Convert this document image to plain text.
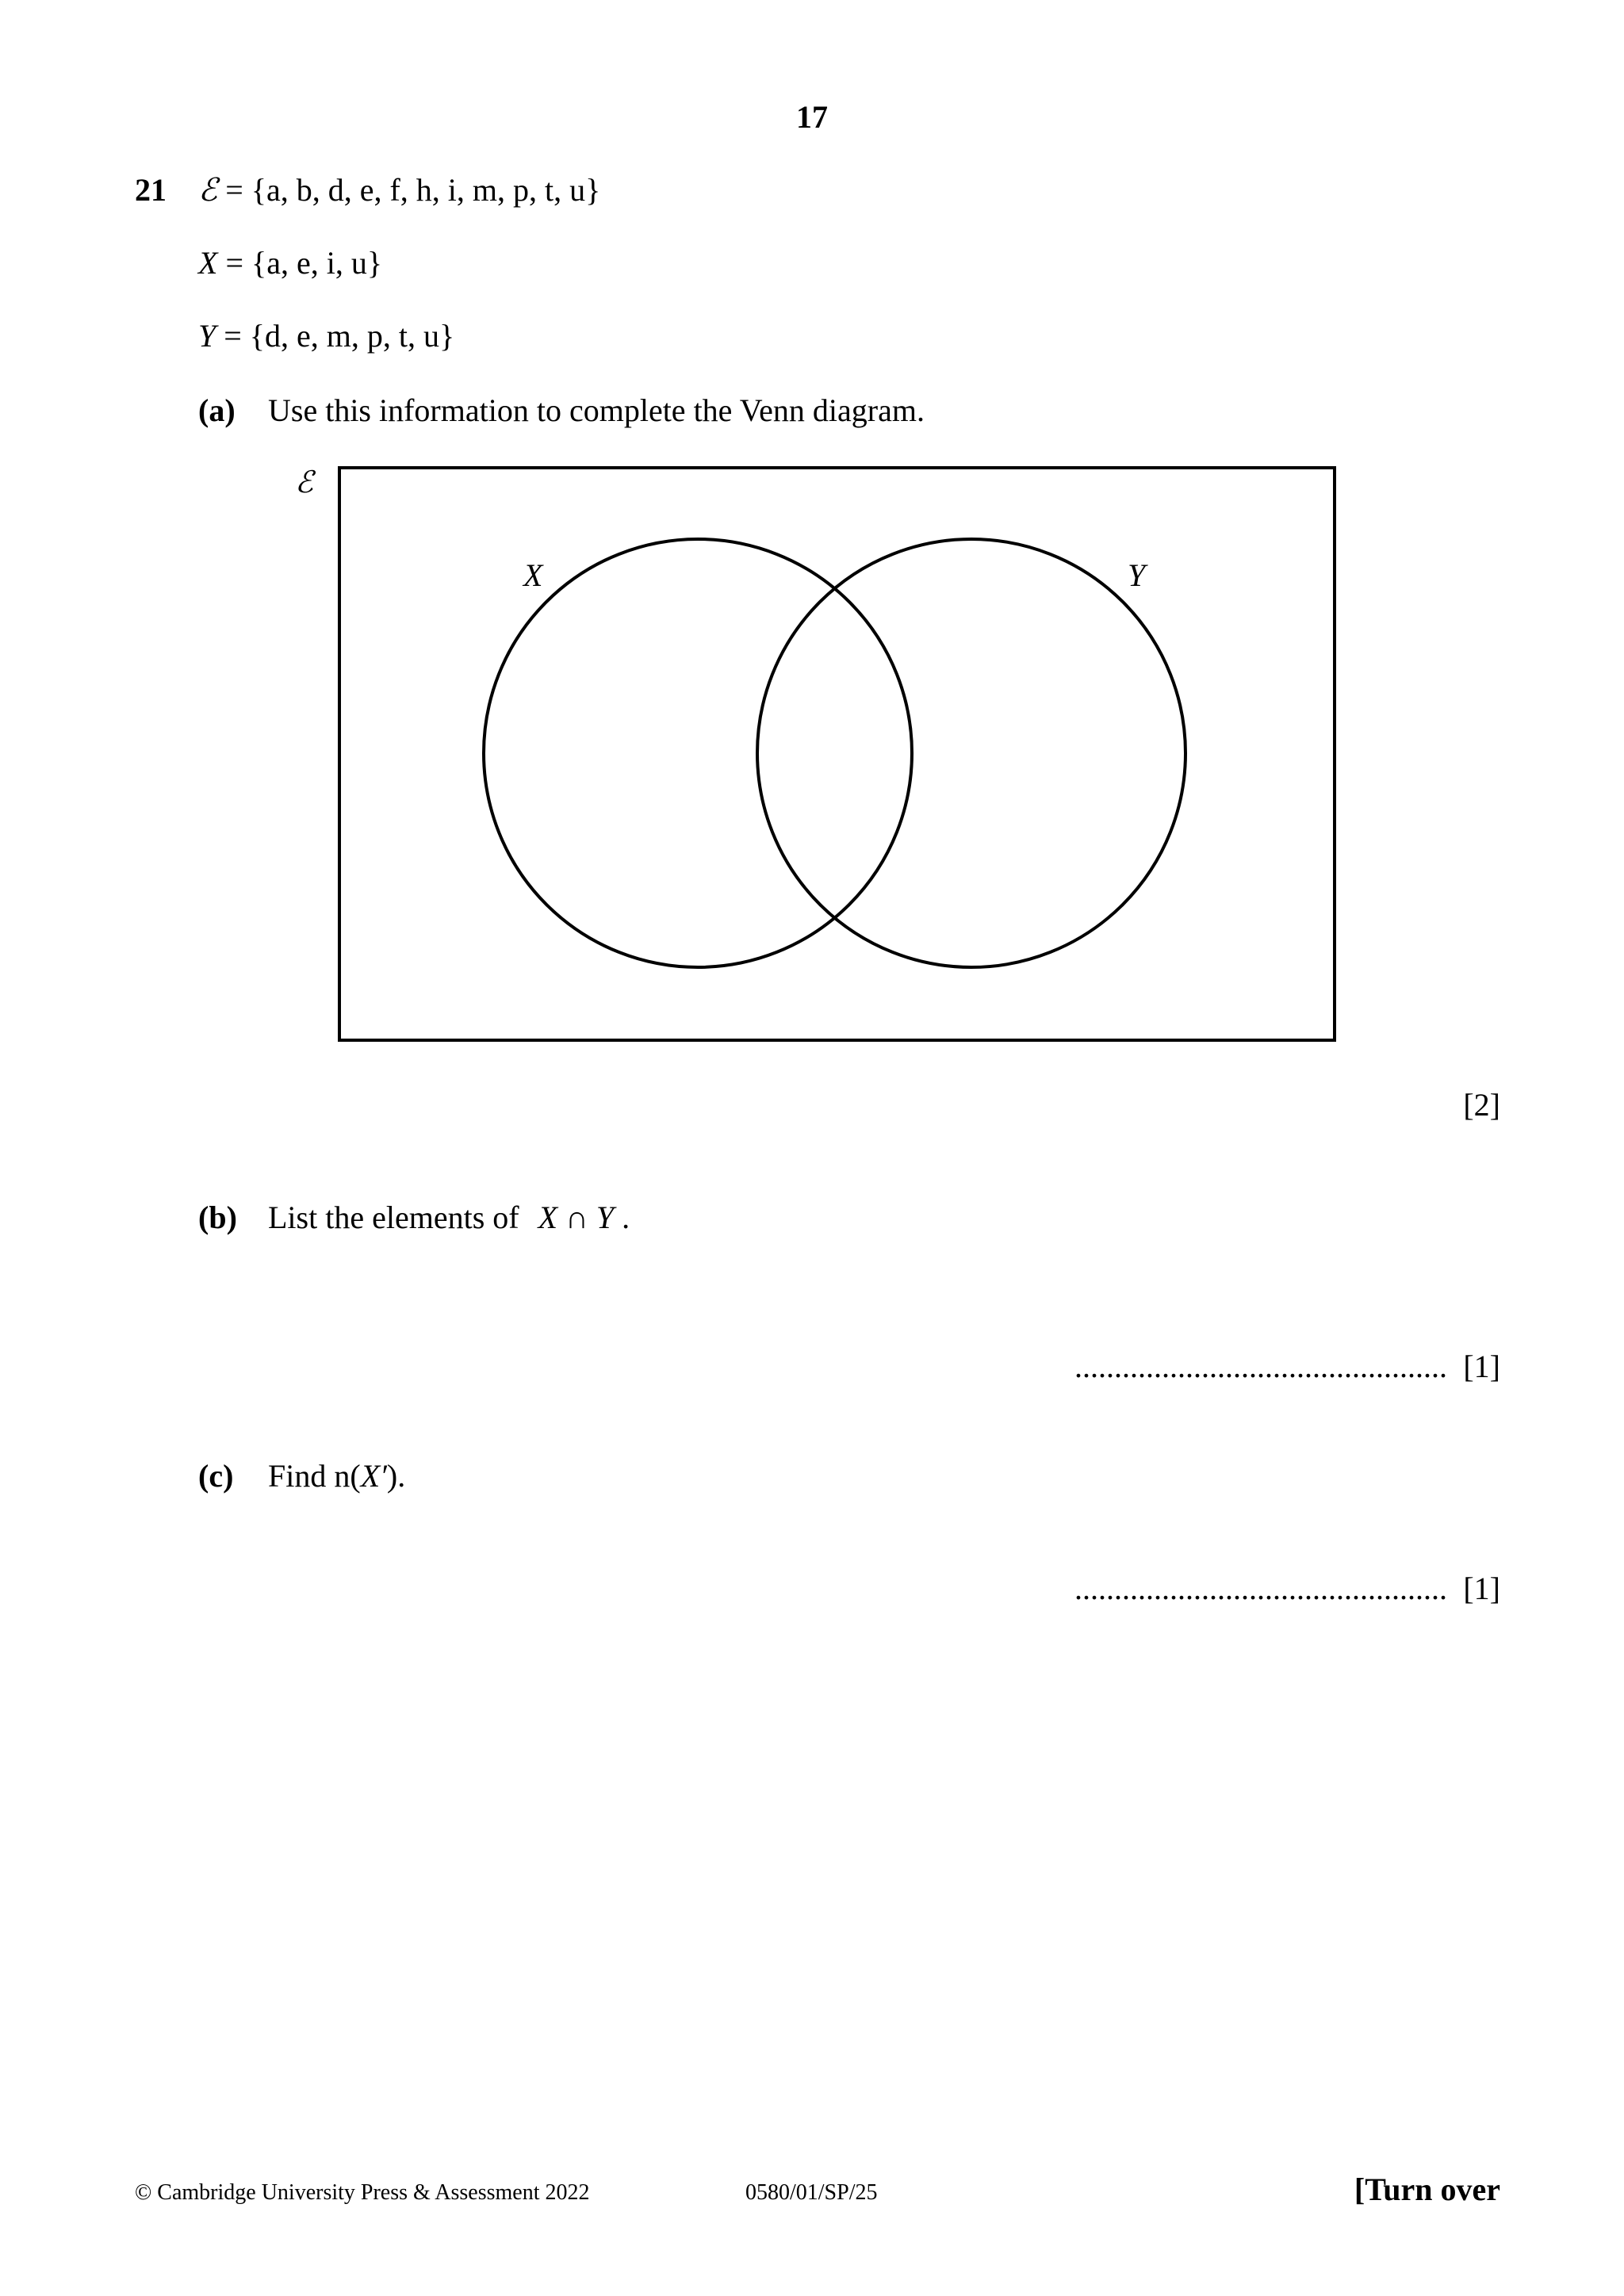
17
21 ℰ = {a, b, d, e, f, h, i, m, p, t, u}
X = {a, e, i, u}
Y = {d, e, m, p, t, u}
(a) Use this information to complete the Venn diagram.
ℰ
X	Y
[2]
(b) List the elements of X ∩ Y .
............................................... [1]
(c) Find n(X′).
............................................... [1]
© Cambridge University Press & Assessment 2022	0580/01/SP/25	[Turn over
